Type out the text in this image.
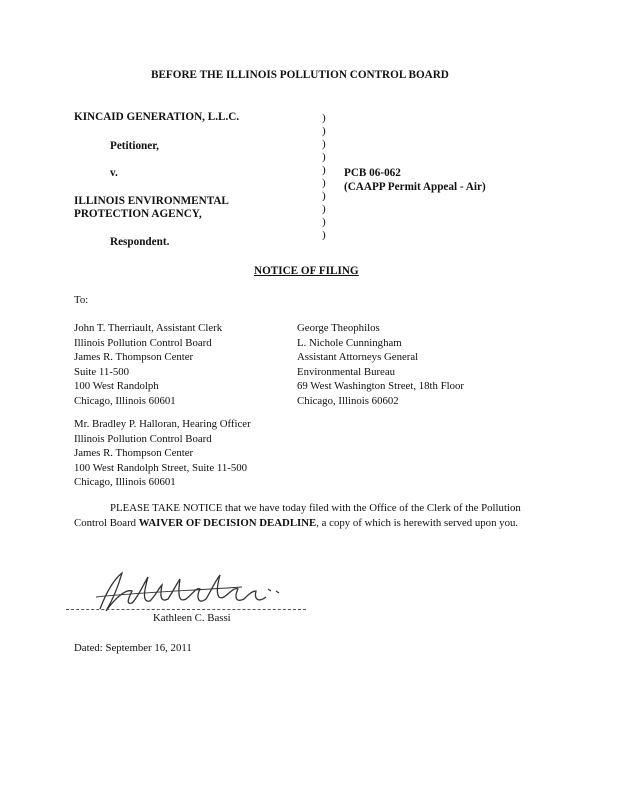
BEFORE THE ILLINOIS POLLUTION CONTROL BOARD
KINCAID GENERATION, L.L.C.
Petitioner,
v.
ILLINOIS ENVIRONMENTAL
PROTECTION AGENCY,
Respondent.
)
)
)
)
)
)
)
)
)
)
PCB 06-062
(CAAPP Permit Appeal - Air)
NOTICE OF FILING
To:
John T. Therriault, Assistant Clerk
Illinois Pollution Control Board
James R. Thompson Center
Suite 11-500
100 West Randolph
Chicago, Illinois 60601
George Theophilos
L. Nichole Cunningham
Assistant Attorneys General
Environmental Bureau
69 West Washington Street, 18th Floor
Chicago, Illinois 60602
Mr. Bradley P. Halloran, Hearing Officer
Illinois Pollution Control Board
James R. Thompson Center
100 West Randolph Street, Suite 11-500
Chicago, Illinois 60601

PLEASE TAKE NOTICE that we have today filed with the Office of the Clerk of the Pollution Control Board WAIVER OF DECISION DEADLINE, a copy of which is herewith served upon you.

Kathleen C. Bassi
Dated: September 16, 2011
